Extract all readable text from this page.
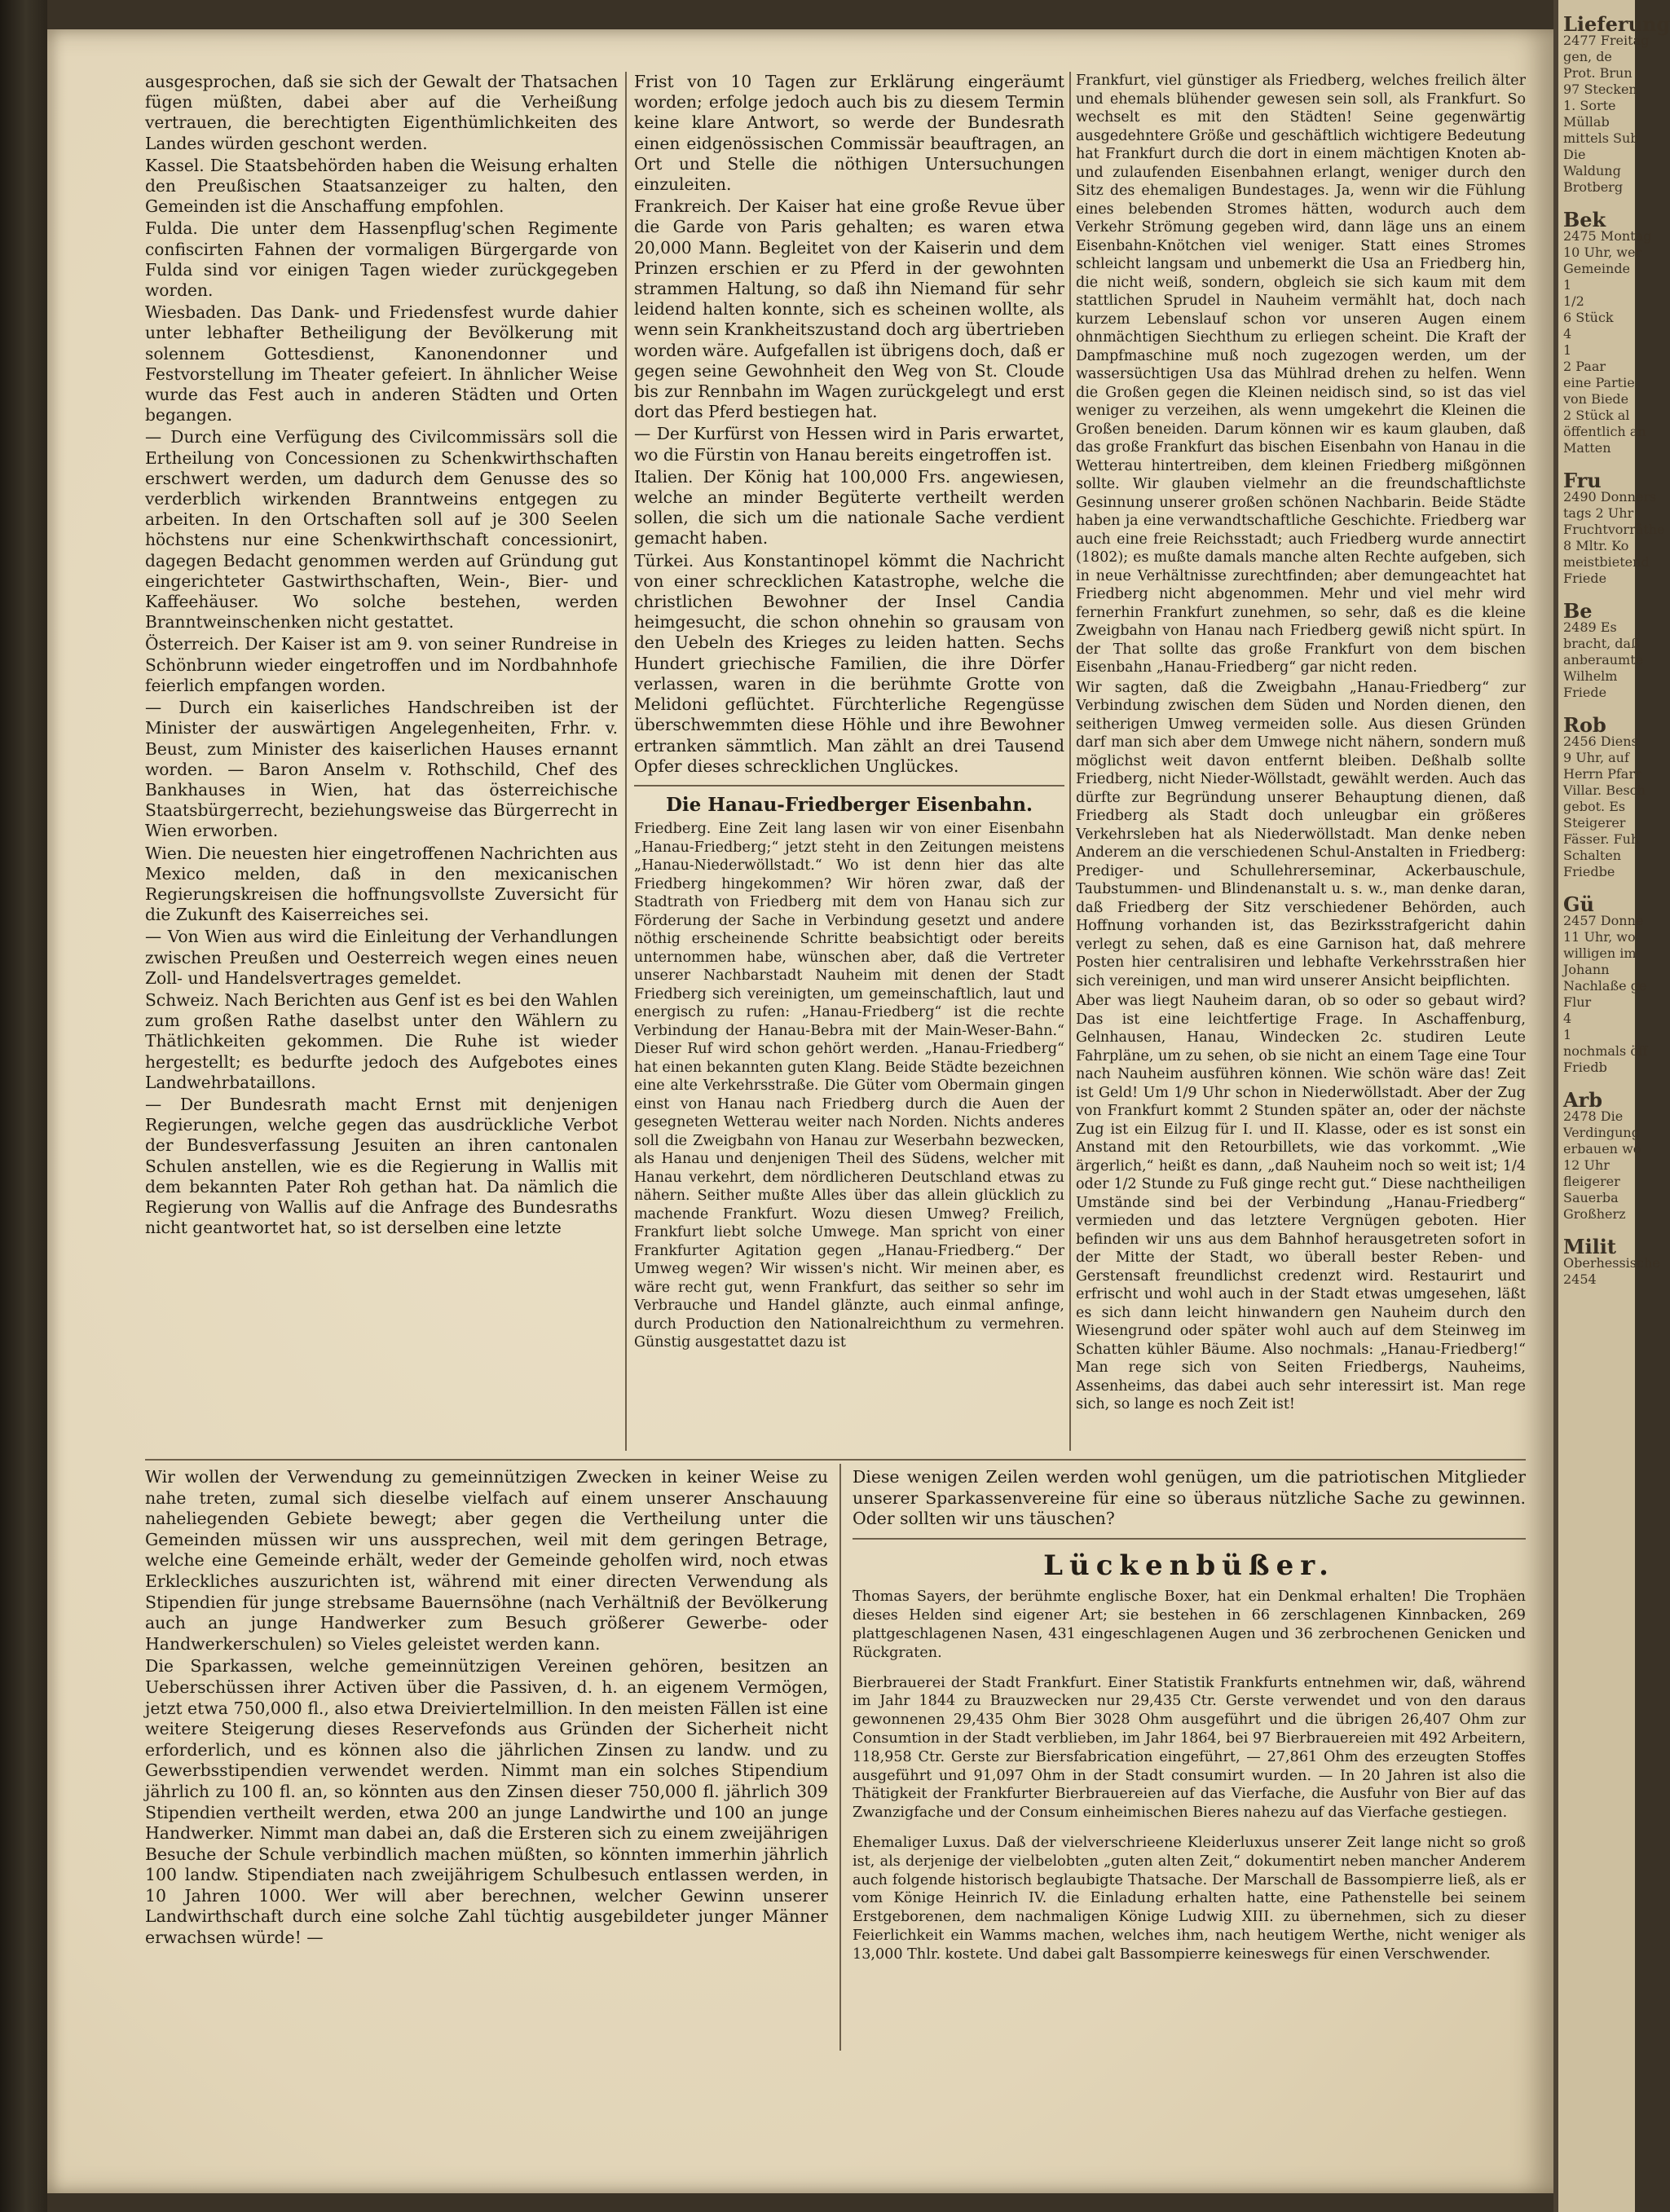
ausgesprochen, daß sie sich der Gewalt der Thatsachen fügen müßten, dabei aber auf die Verheißung vertrauen, die berechtigten Eigenthümlichkeiten des Landes würden geschont werden.

Kassel. Die Staatsbehörden haben die Weisung erhalten den Preußischen Staatsanzeiger zu halten, den Gemeinden ist die Anschaffung empfohlen.

Fulda. Die unter dem Hassenpflug'schen Regimente confiscirten Fahnen der vormaligen Bürgergarde von Fulda sind vor einigen Tagen wieder zurückgegeben worden.

Wiesbaden. Das Dank- und Friedensfest wurde dahier unter lebhafter Betheiligung der Bevölkerung mit solennem Gottesdienst, Kanonendonner und Festvorstellung im Theater gefeiert. In ähnlicher Weise wurde das Fest auch in anderen Städten und Orten begangen.

— Durch eine Verfügung des Civilcommissärs soll die Ertheilung von Concessionen zu Schenkwirthschaften erschwert werden, um dadurch dem Genusse des so verderblich wirkenden Branntweins entgegen zu arbeiten. In den Ortschaften soll auf je 300 Seelen höchstens nur eine Schenkwirthschaft concessionirt, dagegen Bedacht genommen werden auf Gründung gut eingerichteter Gastwirthschaften, Wein-, Bier- und Kaffeehäuser. Wo solche bestehen, werden Branntweinschenken nicht gestattet.

Österreich. Der Kaiser ist am 9. von seiner Rundreise in Schönbrunn wieder eingetroffen und im Nordbahnhofe feierlich empfangen worden.

— Durch ein kaiserliches Handschreiben ist der Minister der auswärtigen Angelegenheiten, Frhr. v. Beust, zum Minister des kaiserlichen Hauses ernannt worden. — Baron Anselm v. Rothschild, Chef des Bankhauses in Wien, hat das österreichische Staatsbürgerrecht, beziehungsweise das Bürgerrecht in Wien erworben.

Wien. Die neuesten hier eingetroffenen Nachrichten aus Mexico melden, daß in den mexicanischen Regierungskreisen die hoffnungsvollste Zuversicht für die Zukunft des Kaiserreiches sei.

— Von Wien aus wird die Einleitung der Verhandlungen zwischen Preußen und Oesterreich wegen eines neuen Zoll- und Handelsvertrages gemeldet.

Schweiz. Nach Berichten aus Genf ist es bei den Wahlen zum großen Rathe daselbst unter den Wählern zu Thätlichkeiten gekommen. Die Ruhe ist wieder hergestellt; es bedurfte jedoch des Aufgebotes eines Landwehrbataillons.

— Der Bundesrath macht Ernst mit denjenigen Regierungen, welche gegen das ausdrückliche Verbot der Bundesverfassung Jesuiten an ihren cantonalen Schulen anstellen, wie es die Regierung in Wallis mit dem bekannten Pater Roh gethan hat. Da nämlich die Regierung von Wallis auf die Anfrage des Bundesraths nicht geantwortet hat, so ist derselben eine letzte

Frist von 10 Tagen zur Erklärung eingeräumt worden; erfolge jedoch auch bis zu diesem Termin keine klare Antwort, so werde der Bundesrath einen eidgenössischen Commissär beauftragen, an Ort und Stelle die nöthigen Untersuchungen einzuleiten.

Frankreich. Der Kaiser hat eine große Revue über die Garde von Paris gehalten; es waren etwa 20,000 Mann. Begleitet von der Kaiserin und dem Prinzen erschien er zu Pferd in der gewohnten strammen Haltung, so daß ihn Niemand für sehr leidend halten konnte, sich es scheinen wollte, als wenn sein Krankheitszustand doch arg übertrieben worden wäre. Aufgefallen ist übrigens doch, daß er gegen seine Gewohnheit den Weg von St. Cloude bis zur Rennbahn im Wagen zurückgelegt und erst dort das Pferd bestiegen hat.

— Der Kurfürst von Hessen wird in Paris erwartet, wo die Fürstin von Hanau bereits eingetroffen ist.

Italien. Der König hat 100,000 Frs. angewiesen, welche an minder Begüterte vertheilt werden sollen, die sich um die nationale Sache verdient gemacht haben.

Türkei. Aus Konstantinopel kömmt die Nachricht von einer schrecklichen Katastrophe, welche die christlichen Bewohner der Insel Candia heimgesucht, die schon ohnehin so grausam von den Uebeln des Krieges zu leiden hatten. Sechs Hundert griechische Familien, die ihre Dörfer verlassen, waren in die berühmte Grotte von Melidoni geflüchtet. Fürchterliche Regengüsse überschwemmten diese Höhle und ihre Bewohner ertranken sämmtlich. Man zählt an drei Tausend Opfer dieses schrecklichen Unglückes.

Die Hanau-Friedberger Eisenbahn.

Friedberg. Eine Zeit lang lasen wir von einer Eisenbahn „Hanau-Friedberg;“ jetzt steht in den Zeitungen meistens „Hanau-Niederwöllstadt.“ Wo ist denn hier das alte Friedberg hingekommen? Wir hören zwar, daß der Stadtrath von Friedberg mit dem von Hanau sich zur Förderung der Sache in Verbindung gesetzt und andere nöthig erscheinende Schritte beabsichtigt oder bereits unternommen habe, wünschen aber, daß die Vertreter unserer Nachbarstadt Nauheim mit denen der Stadt Friedberg sich vereinigten, um gemeinschaftlich, laut und energisch zu rufen: „Hanau-Friedberg“ ist die rechte Verbindung der Hanau-Bebra mit der Main-Weser-Bahn.“ Dieser Ruf wird schon gehört werden. „Hanau-Friedberg“ hat einen bekannten guten Klang. Beide Städte bezeichnen eine alte Verkehrsstraße. Die Güter vom Obermain gingen einst von Hanau nach Friedberg durch die Auen der gesegneten Wetterau weiter nach Norden. Nichts anderes soll die Zweigbahn von Hanau zur Weserbahn bezwecken, als Hanau und denjenigen Theil des Südens, welcher mit Hanau verkehrt, dem nördlicheren Deutschland etwas zu nähern. Seither mußte Alles über das allein glücklich zu machende Frankfurt. Wozu diesen Umweg? Freilich, Frankfurt liebt solche Umwege. Man spricht von einer Frankfurter Agitation gegen „Hanau-Friedberg.“ Der Umweg wegen? Wir wissen's nicht. Wir meinen aber, es wäre recht gut, wenn Frankfurt, das seither so sehr im Verbrauche und Handel glänzte, auch einmal anfinge, durch Production den Nationalreichthum zu vermehren. Günstig ausgestattet dazu ist

Frankfurt, viel günstiger als Friedberg, welches freilich älter und ehemals blühender gewesen sein soll, als Frankfurt. So wechselt es mit den Städten! Seine gegenwärtig ausgedehntere Größe und geschäftlich wichtigere Bedeutung hat Frankfurt durch die dort in einem mächtigen Knoten ab- und zulaufenden Eisenbahnen erlangt, weniger durch den Sitz des ehemaligen Bundestages. Ja, wenn wir die Fühlung eines belebenden Stromes hätten, wodurch auch dem Verkehr Strömung gegeben wird, dann läge uns an einem Eisenbahn-Knötchen viel weniger. Statt eines Stromes schleicht langsam und unbemerkt die Usa an Friedberg hin, die nicht weiß, sondern, obgleich sie sich kaum mit dem stattlichen Sprudel in Nauheim vermählt hat, doch nach kurzem Lebenslauf schon vor unseren Augen einem ohnmächtigen Siechthum zu erliegen scheint. Die Kraft der Dampfmaschine muß noch zugezogen werden, um der wassersüchtigen Usa das Mühlrad drehen zu helfen. Wenn die Großen gegen die Kleinen neidisch sind, so ist das viel weniger zu verzeihen, als wenn umgekehrt die Kleinen die Großen beneiden. Darum können wir es kaum glauben, daß das große Frankfurt das bischen Eisenbahn von Hanau in die Wetterau hintertreiben, dem kleinen Friedberg mißgönnen sollte. Wir glauben vielmehr an die freundschaftlichste Gesinnung unserer großen schönen Nachbarin. Beide Städte haben ja eine verwandtschaftliche Geschichte. Friedberg war auch eine freie Reichsstadt; auch Friedberg wurde annectirt (1802); es mußte damals manche alten Rechte aufgeben, sich in neue Verhältnisse zurechtfinden; aber demungeachtet hat Friedberg nicht abgenommen. Mehr und viel mehr wird fernerhin Frankfurt zunehmen, so sehr, daß es die kleine Zweigbahn von Hanau nach Friedberg gewiß nicht spürt. In der That sollte das große Frankfurt von dem bischen Eisenbahn „Hanau-Friedberg“ gar nicht reden.

Wir sagten, daß die Zweigbahn „Hanau-Friedberg“ zur Verbindung zwischen dem Süden und Norden dienen, den seitherigen Umweg vermeiden solle. Aus diesen Gründen darf man sich aber dem Umwege nicht nähern, sondern muß möglichst weit davon entfernt bleiben. Deßhalb sollte Friedberg, nicht Nieder-Wöllstadt, gewählt werden. Auch das dürfte zur Begründung unserer Behauptung dienen, daß Friedberg als Stadt doch unleugbar ein größeres Verkehrsleben hat als Niederwöllstadt. Man denke neben Anderem an die verschiedenen Schul-Anstalten in Friedberg: Prediger- und Schullehrerseminar, Ackerbauschule, Taubstummen- und Blindenanstalt u. s. w., man denke daran, daß Friedberg der Sitz verschiedener Behörden, auch Hoffnung vorhanden ist, das Bezirksstrafgericht dahin verlegt zu sehen, daß es eine Garnison hat, daß mehrere Posten hier centralisiren und lebhafte Verkehrsstraßen hier sich vereinigen, und man wird unserer Ansicht beipflichten.

Aber was liegt Nauheim daran, ob so oder so gebaut wird? Das ist eine leichtfertige Frage. In Aschaffenburg, Gelnhausen, Hanau, Windecken 2c. studiren Leute Fahrpläne, um zu sehen, ob sie nicht an einem Tage eine Tour nach Nauheim ausführen können. Wie schön wäre das! Zeit ist Geld! Um 1/9 Uhr schon in Niederwöllstadt. Aber der Zug von Frankfurt kommt 2 Stunden später an, oder der nächste Zug ist ein Eilzug für I. und II. Klasse, oder es ist sonst ein Anstand mit den Retourbillets, wie das vorkommt. „Wie ärgerlich,“ heißt es dann, „daß Nauheim noch so weit ist; 1/4 oder 1/2 Stunde zu Fuß ginge recht gut.“ Diese nachtheiligen Umstände sind bei der Verbindung „Hanau-Friedberg“ vermieden und das letztere Vergnügen geboten. Hier befinden wir uns aus dem Bahnhof herausgetreten sofort in der Mitte der Stadt, wo überall bester Reben- und Gerstensaft freundlichst credenzt wird. Restaurirt und erfrischt und wohl auch in der Stadt etwas umgesehen, läßt es sich dann leicht hinwandern gen Nauheim durch den Wiesengrund oder später wohl auch auf dem Steinweg im Schatten kühler Bäume. Also nochmals: „Hanau-Friedberg!“ Man rege sich von Seiten Friedbergs, Nauheims, Assenheims, das dabei auch sehr interessirt ist. Man rege sich, so lange es noch Zeit ist!

Wir wollen der Verwendung zu gemeinnützigen Zwecken in keiner Weise zu nahe treten, zumal sich dieselbe vielfach auf einem unserer Anschauung naheliegenden Gebiete bewegt; aber gegen die Vertheilung unter die Gemeinden müssen wir uns aussprechen, weil mit dem geringen Betrage, welche eine Gemeinde erhält, weder der Gemeinde geholfen wird, noch etwas Erkleckliches auszurichten ist, während mit einer directen Verwendung als Stipendien für junge strebsame Bauernsöhne (nach Verhältniß der Bevölkerung auch an junge Handwerker zum Besuch größerer Gewerbe- oder Handwerkerschulen) so Vieles geleistet werden kann.

Die Sparkassen, welche gemeinnützigen Vereinen gehören, besitzen an Ueberschüssen ihrer Activen über die Passiven, d. h. an eigenem Vermögen, jetzt etwa 750,000 fl., also etwa Dreiviertelmillion. In den meisten Fällen ist eine weitere Steigerung dieses Reservefonds aus Gründen der Sicherheit nicht erforderlich, und es können also die jährlichen Zinsen zu landw. und zu Gewerbsstipendien verwendet werden. Nimmt man ein solches Stipendium jährlich zu 100 fl. an, so könnten aus den Zinsen dieser 750,000 fl. jährlich 309 Stipendien vertheilt werden, etwa 200 an junge Landwirthe und 100 an junge Handwerker. Nimmt man dabei an, daß die Ersteren sich zu einem zweijährigen Besuche der Schule verbindlich machen müßten, so könnten immerhin jährlich 100 landw. Stipendiaten nach zweijährigem Schulbesuch entlassen werden, in 10 Jahren 1000. Wer will aber berechnen, welcher Gewinn unserer Landwirthschaft durch eine solche Zahl tüchtig ausgebildeter junger Männer erwachsen würde! —

Diese wenigen Zeilen werden wohl genügen, um die patriotischen Mitglieder unserer Sparkassenvereine für eine so überaus nützliche Sache zu gewinnen. Oder sollten wir uns täuschen?

Lückenbüßer.

Thomas Sayers, der berühmte englische Boxer, hat ein Denkmal erhalten! Die Trophäen dieses Helden sind eigener Art; sie bestehen in 66 zerschlagenen Kinnbacken, 269 plattgeschlagenen Nasen, 431 eingeschlagenen Augen und 36 zerbrochenen Genicken und Rückgraten.

Bierbrauerei der Stadt Frankfurt. Einer Statistik Frankfurts entnehmen wir, daß, während im Jahr 1844 zu Brauzwecken nur 29,435 Ctr. Gerste verwendet und von den daraus gewonnenen 29,435 Ohm Bier 3028 Ohm ausgeführt und die übrigen 26,407 Ohm zur Consumtion in der Stadt verblieben, im Jahr 1864, bei 97 Bierbrauereien mit 492 Arbeitern, 118,958 Ctr. Gerste zur Biersfabrication eingeführt, — 27,861 Ohm des erzeugten Stoffes ausgeführt und 91,097 Ohm in der Stadt consumirt wurden. — In 20 Jahren ist also die Thätigkeit der Frankfurter Bierbrauereien auf das Vierfache, die Ausfuhr von Bier auf das Zwanzigfache und der Consum einheimischen Bieres nahezu auf das Vierfache gestiegen.

Ehemaliger Luxus. Daß der vielverschrieene Kleiderluxus unserer Zeit lange nicht so groß ist, als derjenige der vielbelobten „guten alten Zeit,“ dokumentirt neben mancher Anderem auch folgende historisch beglaubigte Thatsache. Der Marschall de Bassompierre ließ, als er vom Könige Heinrich IV. die Einladung erhalten hatte, eine Pathenstelle bei seinem Erstgeborenen, dem nachmaligen Könige Ludwig XIII. zu übernehmen, sich zu dieser Feierlichkeit ein Wamms machen, welches ihm, nach heutigem Werthe, nicht weniger als 13,000 Thlr. kostete. Und dabei galt Bassompierre keineswegs für einen Verschwender.

Lieferung
2477 Freitag
gen, de
Prot. Brun
97 Stecken
1. Sorte
Müllab
mittels Sub
Die
Waldung
Brotberg
Bek
2475 Montag
10 Uhr, wer
Gemeinde
1
1/2
6 Stück
4
1
2 Paar
eine Partie
von Biede
2 Stück al
öffentlich an
Matten
Fru
2490 Donners
tags 2 Uhr
Fruchtvorräthe
8 Mltr. Ko
meistbietend
Friede
Be
2489 Es
bracht, daß
anberaumte
Wilhelm
Friede
Rob
2456 Diens
9 Uhr, auf
Herrn Pfarr
Villar. Besch
gebot. Es
Steigerer
Fässer. Fuh
Schalten
Friedbe
Gü
2457 Donne
11 Uhr, wo
willigen im
Johann
Nachlaße ge
Flur
4
1
nochmals öff
Friedb
Arb
2478 Die
Verdingung
erbauen wo
12 Uhr
fleigerer
Sauerba
Großherz
Milit
Oberhessische
2454
